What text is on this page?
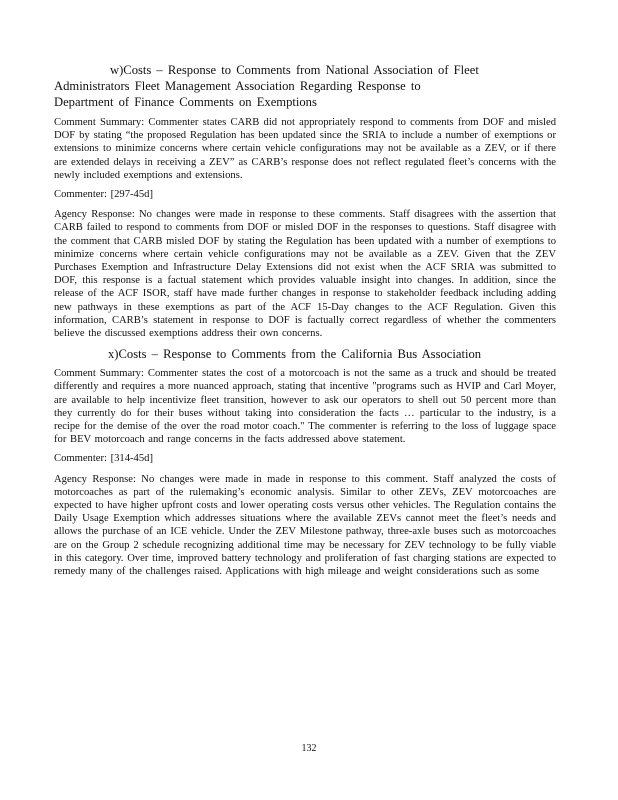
w)Costs – Response to Comments from National Association of Fleet
Administrators Fleet Management Association Regarding Response to
Department of Finance Comments on Exemptions

Comment Summary: Commenter states CARB did not appropriately respond to comments from DOF and misled DOF by stating “the proposed Regulation has been updated since the SRIA to include a number of exemptions or extensions to minimize concerns where certain vehicle configurations may not be available as a ZEV, or if there are extended delays in receiving a ZEV” as CARB’s response does not reflect regulated fleet’s concerns with the newly included exemptions and extensions.

Commenter: [297-45d]

Agency Response: No changes were made in response to these comments. Staff disagrees with the assertion that CARB failed to respond to comments from DOF or misled DOF in the responses to questions. Staff disagree with the comment that CARB misled DOF by stating the Regulation has been updated with a number of exemptions to minimize concerns where certain vehicle configurations may not be available as a ZEV. Given that the ZEV Purchases Exemption and Infrastructure Delay Extensions did not exist when the ACF SRIA was submitted to DOF, this response is a factual statement which provides valuable insight into changes. In addition, since the release of the ACF ISOR, staff have made further changes in response to stakeholder feedback including adding new pathways in these exemptions as part of the ACF 15-Day changes to the ACF Regulation. Given this information, CARB’s statement in response to DOF is factually correct regardless of whether the commenters believe the discussed exemptions address their own concerns.

x)Costs – Response to Comments from the California Bus Association

Comment Summary: Commenter states the cost of a motorcoach is not the same as a truck and should be treated differently and requires a more nuanced approach, stating that incentive "programs such as HVIP and Carl Moyer, are available to help incentivize fleet transition, however to ask our operators to shell out 50 percent more than they currently do for their buses without taking into consideration the facts … particular to the industry, is a recipe for the demise of the over the road motor coach." The commenter is referring to the loss of luggage space for BEV motorcoach and range concerns in the facts addressed above statement.

Commenter: [314-45d]

Agency Response: No changes were made in made in response to this comment. Staff analyzed the costs of motorcoaches as part of the rulemaking’s economic analysis. Similar to other ZEVs, ZEV motorcoaches are expected to have higher upfront costs and lower operating costs versus other vehicles. The Regulation contains the Daily Usage Exemption which addresses situations where the available ZEVs cannot meet the fleet’s needs and allows the purchase of an ICE vehicle. Under the ZEV Milestone pathway, three-axle buses such as motorcoaches are on the Group 2 schedule recognizing additional time may be necessary for ZEV technology to be fully viable in this category. Over time, improved battery technology and proliferation of fast charging stations are expected to remedy many of the challenges raised. Applications with high mileage and weight considerations such as some

132
